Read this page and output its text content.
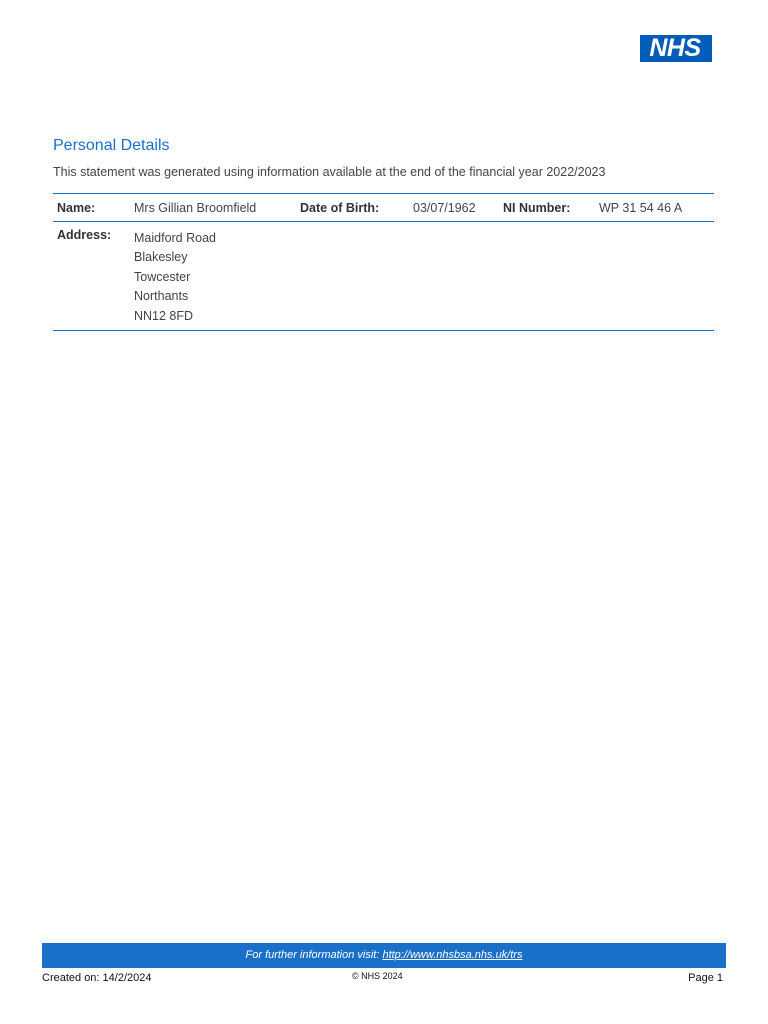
NHS
Personal Details
This statement was generated using information available at the end of the financial year 2022/2023
Name:	Mrs Gillian Broomfield	Date of Birth:	03/07/1962 NI Number: WP 31 54 46 A
Address: Maidford Road
Blakesley
Towcester
Northants
NN12 8FD
For further information visit: http://www.nhsbsa.nhs.uk/trs
Created on: 14/2/2024	© NHS 2024	Page 1
